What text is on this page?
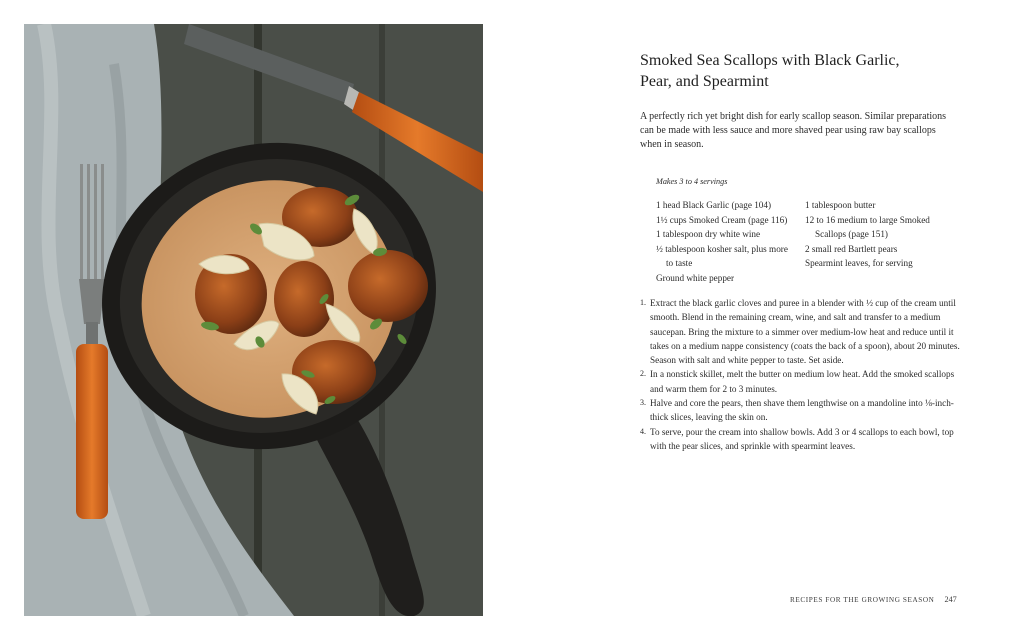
Smoked Sea Scallops with Black Garlic,
Pear, and Spearmint

A perfectly rich yet bright dish for early scallop season. Similar preparations can be made with less sauce and more shaved pear using raw bay scallops when in season.

Makes 3 to 4 servings
1 head Black Garlic (page 104)
1½ cups Smoked Cream (page 116)
1 tablespoon dry white wine
½ tablespoon kosher salt, plus more
to taste
Ground white pepper
1 tablespoon butter
12 to 16 medium to large Smoked
Scallops (page 151)
2 small red Bartlett pears
Spearmint leaves, for serving
1. Extract the black garlic cloves and puree in a blender with ½ cup of the cream until smooth. Blend in the remaining cream, wine, and salt and transfer to a medium saucepan. Bring the mixture to a simmer over medium-low heat and reduce until it takes on a medium nappe consistency (coats the back of a spoon), about 20 minutes. Season with salt and white pepper to taste. Set aside.
2. In a nonstick skillet, melt the butter on medium low heat. Add the smoked scallops and warm them for 2 to 3 minutes.
3. Halve and core the pears, then shave them lengthwise on a mandoline into ⅛-inch-thick slices, leaving the skin on.
4. To serve, pour the cream into shallow bowls. Add 3 or 4 scallops to each bowl, top with the pear slices, and sprinkle with spearmint leaves.
RECIPES FOR THE GROWING SEASON 247
